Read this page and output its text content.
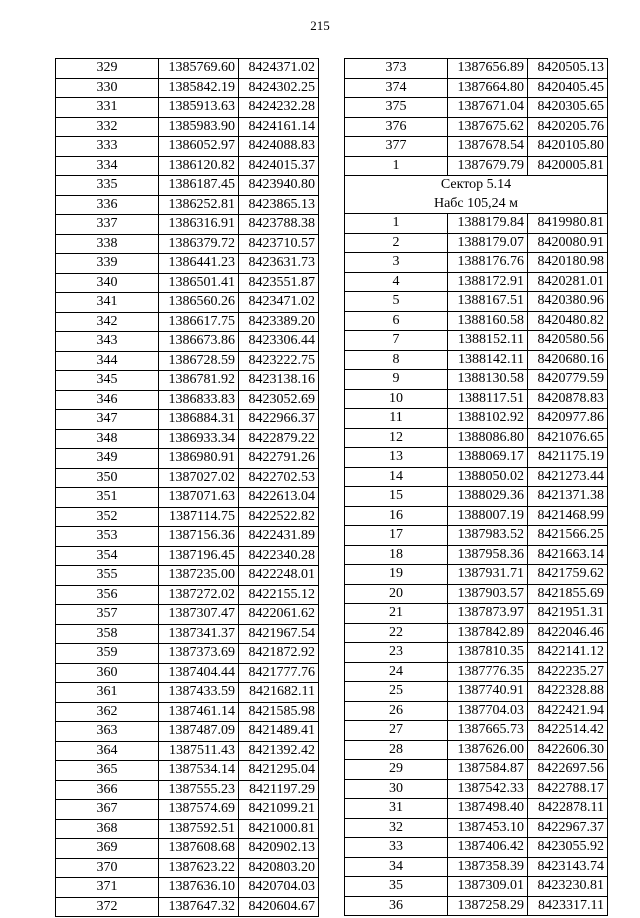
215
329	1385769.60	8424371.02
330	1385842.19	8424302.25
331	1385913.63	8424232.28
332	1385983.90	8424161.14
333	1386052.97	8424088.83
334	1386120.82	8424015.37
335	1386187.45	8423940.80
336	1386252.81	8423865.13
337	1386316.91	8423788.38
338	1386379.72	8423710.57
339	1386441.23	8423631.73
340	1386501.41	8423551.87
341	1386560.26	8423471.02
342	1386617.75	8423389.20
343	1386673.86	8423306.44
344	1386728.59	8423222.75
345	1386781.92	8423138.16
346	1386833.83	8423052.69
347	1386884.31	8422966.37
348	1386933.34	8422879.22
349	1386980.91	8422791.26
350	1387027.02	8422702.53
351	1387071.63	8422613.04
352	1387114.75	8422522.82
353	1387156.36	8422431.89
354	1387196.45	8422340.28
355	1387235.00	8422248.01
356	1387272.02	8422155.12
357	1387307.47	8422061.62
358	1387341.37	8421967.54
359	1387373.69	8421872.92
360	1387404.44	8421777.76
361	1387433.59	8421682.11
362	1387461.14	8421585.98
363	1387487.09	8421489.41
364	1387511.43	8421392.42
365	1387534.14	8421295.04
366	1387555.23	8421197.29
367	1387574.69	8421099.21
368	1387592.51	8421000.81
369	1387608.68	8420902.13
370	1387623.22	8420803.20
371	1387636.10	8420704.03
372	1387647.32	8420604.67
373	1387656.89	8420505.13
374	1387664.80	8420405.45
375	1387671.04	8420305.65
376	1387675.62	8420205.76
377	1387678.54	8420105.80
1	1387679.79	8420005.81
Сектор 5.14		
Набс 105,24 м		
1	1388179.84	8419980.81
2	1388179.07	8420080.91
3	1388176.76	8420180.98
4	1388172.91	8420281.01
5	1388167.51	8420380.96
6	1388160.58	8420480.82
7	1388152.11	8420580.56
8	1388142.11	8420680.16
9	1388130.58	8420779.59
10	1388117.51	8420878.83
11	1388102.92	8420977.86
12	1388086.80	8421076.65
13	1388069.17	8421175.19
14	1388050.02	8421273.44
15	1388029.36	8421371.38
16	1388007.19	8421468.99
17	1387983.52	8421566.25
18	1387958.36	8421663.14
19	1387931.71	8421759.62
20	1387903.57	8421855.69
21	1387873.97	8421951.31
22	1387842.89	8422046.46
23	1387810.35	8422141.12
24	1387776.35	8422235.27
25	1387740.91	8422328.88
26	1387704.03	8422421.94
27	1387665.73	8422514.42
28	1387626.00	8422606.30
29	1387584.87	8422697.56
30	1387542.33	8422788.17
31	1387498.40	8422878.11
32	1387453.10	8422967.37
33	1387406.42	8423055.92
34	1387358.39	8423143.74
35	1387309.01	8423230.81
36	1387258.29	8423317.11
